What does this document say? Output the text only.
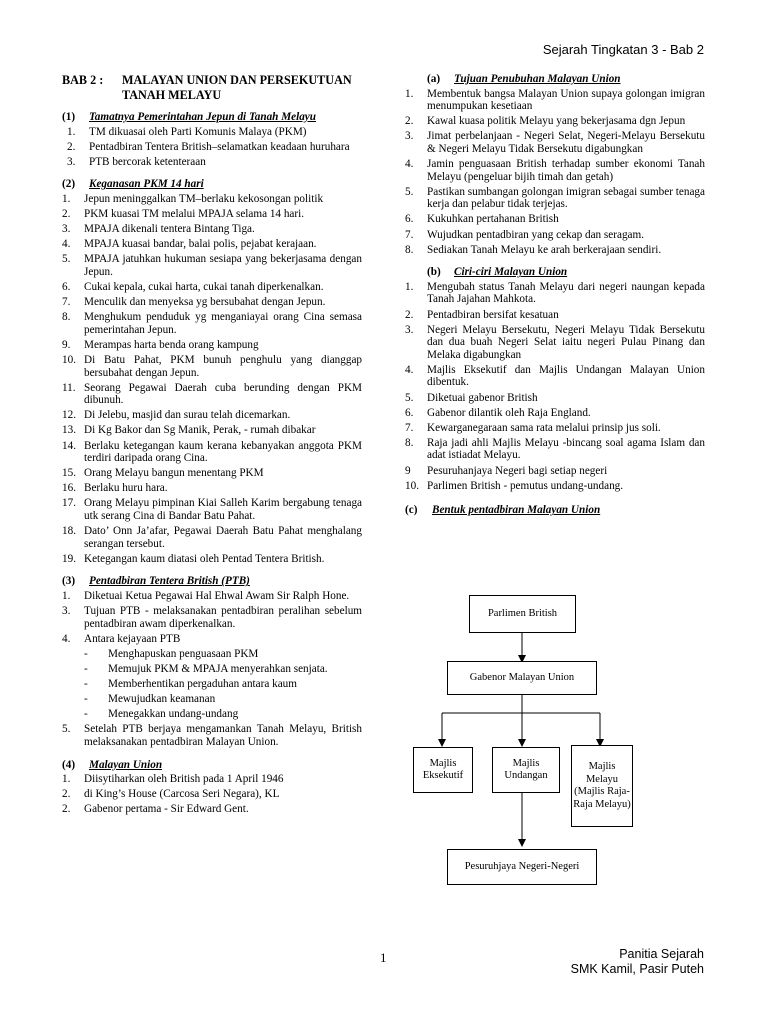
Sejarah Tingkatan 3 - Bab 2
BAB 2 :	MALAYAN UNION DAN PERSEKUTUAN
TANAH MELAYU
(1)	Tamatnya Pemerintahan Jepun di Tanah Melayu
1.	TM dikuasai oleh Parti Komunis Malaya (PKM)
2.	Pentadbiran Tentera British–selamatkan keadaan huruhara
3.	PTB bercorak ketenteraan
(2)	Keganasan PKM 14 hari
1.	Jepun meninggalkan TM–berlaku kekosongan politik
2.	PKM kuasai TM melalui MPAJA selama 14 hari.
3.	MPAJA dikenali tentera Bintang Tiga.
4.	MPAJA kuasai bandar, balai polis, pejabat kerajaan.
5.	MPAJA jatuhkan hukuman sesiapa yang bekerjasama dengan Jepun.
6.	Cukai kepala, cukai harta, cukai tanah diperkenalkan.
7.	Menculik dan menyeksa yg bersubahat dengan Jepun.
8.	Menghukum penduduk yg menganiayai orang Cina semasa pemerintahan Jepun.
9.	Merampas harta benda orang kampung
10. Di Batu Pahat, PKM bunuh penghulu yang dianggap bersubahat dengan Jepun.
11. Seorang Pegawai Daerah cuba berunding dengan PKM dibunuh.
12. Di Jelebu, masjid dan surau telah dicemarkan.
13. Di Kg Bakor dan Sg Manik, Perak, - rumah dibakar
14. Berlaku ketegangan kaum kerana kebanyakan anggota PKM terdiri daripada orang Cina.
15. Orang Melayu bangun menentang PKM
16. Berlaku huru hara.
17. Orang Melayu pimpinan Kiai Salleh Karim bergabung tenaga utk serang Cina di Bandar Batu Pahat.
18. Dato’ Onn Ja’afar, Pegawai Daerah Batu Pahat menghalang serangan tersebut.
19. Ketegangan kaum diatasi oleh Pentad Tentera British.
(3)	Pentadbiran Tentera British (PTB)
1.	Diketuai Ketua Pegawai Hal Ehwal Awam Sir Ralph Hone.
3.	Tujuan PTB - melaksanakan pentadbiran peralihan sebelum pentadbiran awam diperkenalkan.
4.	Antara kejayaan PTB
-	Menghapuskan penguasaan PKM
-	Memujuk PKM & MPAJA menyerahkan senjata.
-	Memberhentikan pergaduhan antara kaum
-	Mewujudkan keamanan
-	Menegakkan undang-undang
5.	Setelah PTB berjaya mengamankan Tanah Melayu, British melaksanakan pentadbiran Malayan Union.
(4)	Malayan Union
1.	Diisytiharkan oleh British pada 1 April 1946
2.	di King’s House (Carcosa Seri Negara), KL
2.	Gabenor pertama - Sir Edward Gent.
(a)	Tujuan Penubuhan Malayan Union
1.	Membentuk bangsa Malayan Union supaya golongan imigran menumpukan kesetiaan
2.	Kawal kuasa politik Melayu yang bekerjasama dgn Jepun
3.	Jimat perbelanjaan - Negeri Selat, Negeri-Melayu Bersekutu & Negeri Melayu Tidak Bersekutu digabungkan
4.	Jamin penguasaan British terhadap sumber ekonomi Tanah Melayu (pengeluar bijih timah dan getah)
5.	Pastikan sumbangan golongan imigran sebagai sumber tenaga kerja dan pelabur tidak terjejas.
6.	Kukuhkan pertahanan British
7.	Wujudkan pentadbiran yang cekap dan seragam.
8.	Sediakan Tanah Melayu ke arah berkerajaan sendiri.
(b)	Ciri-ciri Malayan Union
1.	Mengubah status Tanah Melayu dari negeri naungan kepada Tanah Jajahan Mahkota.
2.	Pentadbiran bersifat kesatuan
3.	Negeri Melayu Bersekutu, Negeri Melayu Tidak Bersekutu dan dua buah Negeri Selat iaitu negeri Pulau Pinang dan Melaka digabungkan
4.	Majlis Eksekutif dan Majlis Undangan Malayan Union dibentuk.
5.	Diketuai gabenor British
6.	Gabenor dilantik oleh Raja England.
7.	Kewarganegaraan sama rata melalui prinsip jus soli.
8.	Raja jadi ahli Majlis Melayu -bincang soal agama Islam dan adat istiadat Melayu.
9	Pesuruhanjaya Negeri bagi setiap negeri
10. Parlimen British - pemutus undang-undang.
(c)	Bentuk pentadbiran Malayan Union
Parlimen British
Gabenor Malayan Union
Majlis Eksekutif
Majlis Undangan
Majlis Melayu (Majlis Raja-Raja Melayu)
Pesuruhjaya Negeri-Negeri
1	Panitia Sejarah
SMK Kamil, Pasir Puteh
